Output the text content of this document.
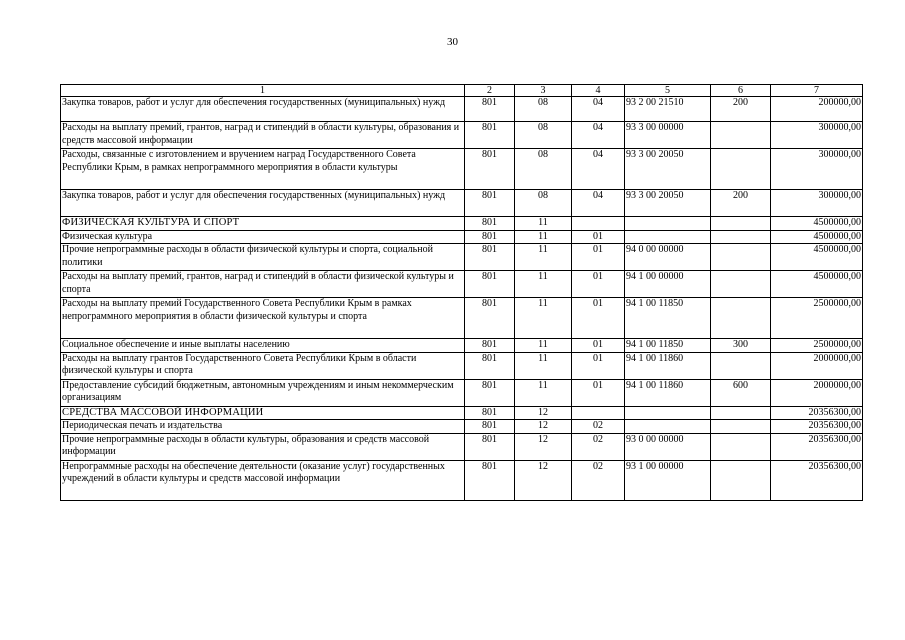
30
1	2	3	4	5	6	7
Закупка товаров, работ и услуг для обеспечения государственных (муниципальных) нужд	801	08	04	93 2 00 21510	200	200000,00
Расходы на выплату премий, грантов, наград и стипендий в области культуры, образования и средств массовой информации	801	08	04	93 3 00 00000		300000,00
Расходы, связанные с изготовлением и вручением наград Государственного Совета Республики Крым, в рамках непрограммного мероприятия в области культуры	801	08	04	93 3 00 20050		300000,00
Закупка товаров, работ и услуг для обеспечения государственных (муниципальных) нужд	801	08	04	93 3 00 20050	200	300000,00
ФИЗИЧЕСКАЯ КУЛЬТУРА И СПОРТ	801	11				4500000,00
Физическая культура	801	11	01			4500000,00
Прочие непрограммные расходы в области физической культуры и спорта, социальной политики	801	11	01	94 0 00 00000		4500000,00
Расходы на выплату премий, грантов, наград и стипендий в области физической культуры и спорта	801	11	01	94 1 00 00000		4500000,00
Расходы на выплату премий Государственного Совета Республики Крым в рамках непрограммного мероприятия в области физической культуры и спорта	801	11	01	94 1 00 11850		2500000,00
Социальное обеспечение и иные выплаты населению	801	11	01	94 1 00 11850	300	2500000,00
Расходы на выплату грантов Государственного Совета Республики Крым в области физической культуры и спорта	801	11	01	94 1 00 11860		2000000,00
Предоставление субсидий бюджетным, автономным учреждениям и иным некоммерческим организациям	801	11	01	94 1 00 11860	600	2000000,00
СРЕДСТВА МАССОВОЙ ИНФОРМАЦИИ	801	12				20356300,00
Периодическая печать и издательства	801	12	02			20356300,00
Прочие непрограммные расходы в области культуры, образования и средств массовой информации	801	12	02	93 0 00 00000		20356300,00
Непрограммные расходы на обеспечение деятельности (оказание услуг) государственных учреждений в области культуры и средств массовой информации	801	12	02	93 1 00 00000		20356300,00
